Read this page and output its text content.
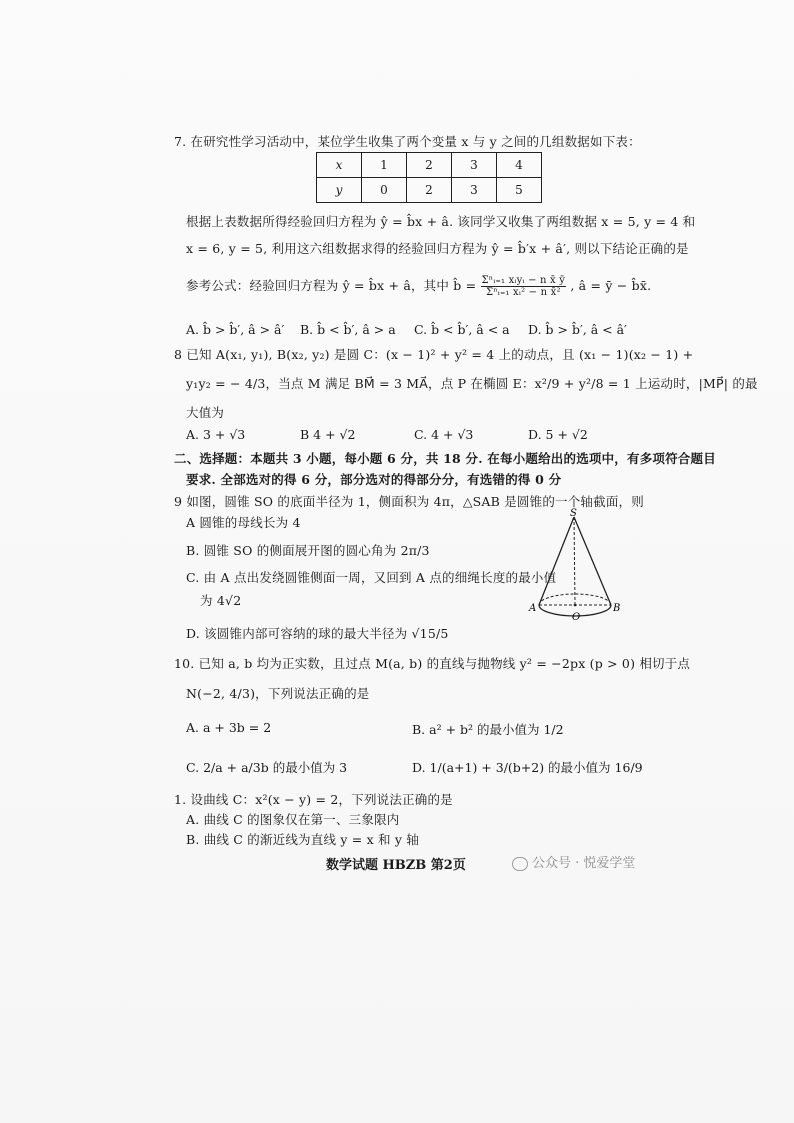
7. 在研究性学习活动中，某位学生收集了两个变量 x 与 y 之间的几组数据如下表：
x	1	2	3	4
y	0	2	3	5
根据上表数据所得经验回归方程为 ŷ = b̂x + â. 该同学又收集了两组数据 x = 5, y = 4 和
x = 6, y = 5, 利用这六组数据求得的经验回归方程为 ŷ = b̂′x + â′, 则以下结论正确的是
参考公式：经验回归方程为 ŷ = b̂x + â，其中 b̂ = $\frac{\text{Σⁿᵢ₌₁ xᵢyᵢ − n x̄ ȳ}}{\text{Σⁿᵢ₌₁ xᵢ² − n x̄²}}$ , â = ȳ − b̂x̄.
A. b̂ > b̂′, â > â′ B. b̂ < b̂′, â > a C. b̂ < b̂′, â < a D. b̂ > b̂′, â < â′
8 已知 A(x₁, y₁), B(x₂, y₂) 是圆 C：(x − 1)² + y² = 4 上的动点，且 (x₁ − 1)(x₂ − 1) +
y₁y₂ = − 4/3，当点 M 满足 BM⃗ = 3 MA⃗，点 P 在椭圆 E：x²/9 + y²/8 = 1 上运动时，|MP⃗| 的最
大值为
A. 3 + √3	B 4 + √2	C. 4 + √3	D. 5 + √2
二、选择题：本题共 3 小题，每小题 6 分，共 18 分. 在每小题给出的选项中，有多项符合题目
要求. 全部选对的得 6 分，部分选对的得部分分，有选错的得 0 分
9 如图，圆锥 SO 的底面半径为 1，侧面积为 4π，△SAB 是圆锥的一个轴截面，则
A 圆锥的母线长为 4
B. 圆锥 SO 的侧面展开图的圆心角为 2π/3
C. 由 A 点出发绕圆锥侧面一周，又回到 A 点的细绳长度的最小值
为 4√2
D. 该圆锥内部可容纳的球的最大半径为 √15/5
S
A	B
O
10. 已知 a, b 均为正实数，且过点 M(a, b) 的直线与抛物线 y² = −2px (p > 0) 相切于点
N(−2, 4/3)，下列说法正确的是
A. a + 3b = 2	B. a² + b² 的最小值为 1/2
C. 2/a + a/3b 的最小值为 3	D. 1/(a+1) + 3/(b+2) 的最小值为 16/9
1. 设曲线 C：x²(x − y) = 2，下列说法正确的是
A. 曲线 C 的图象仅在第一、三象限内
B. 曲线 C 的渐近线为直线 y = x 和 y 轴
数学试题 HBZB 第2页	公众号 · 悦爱学堂
